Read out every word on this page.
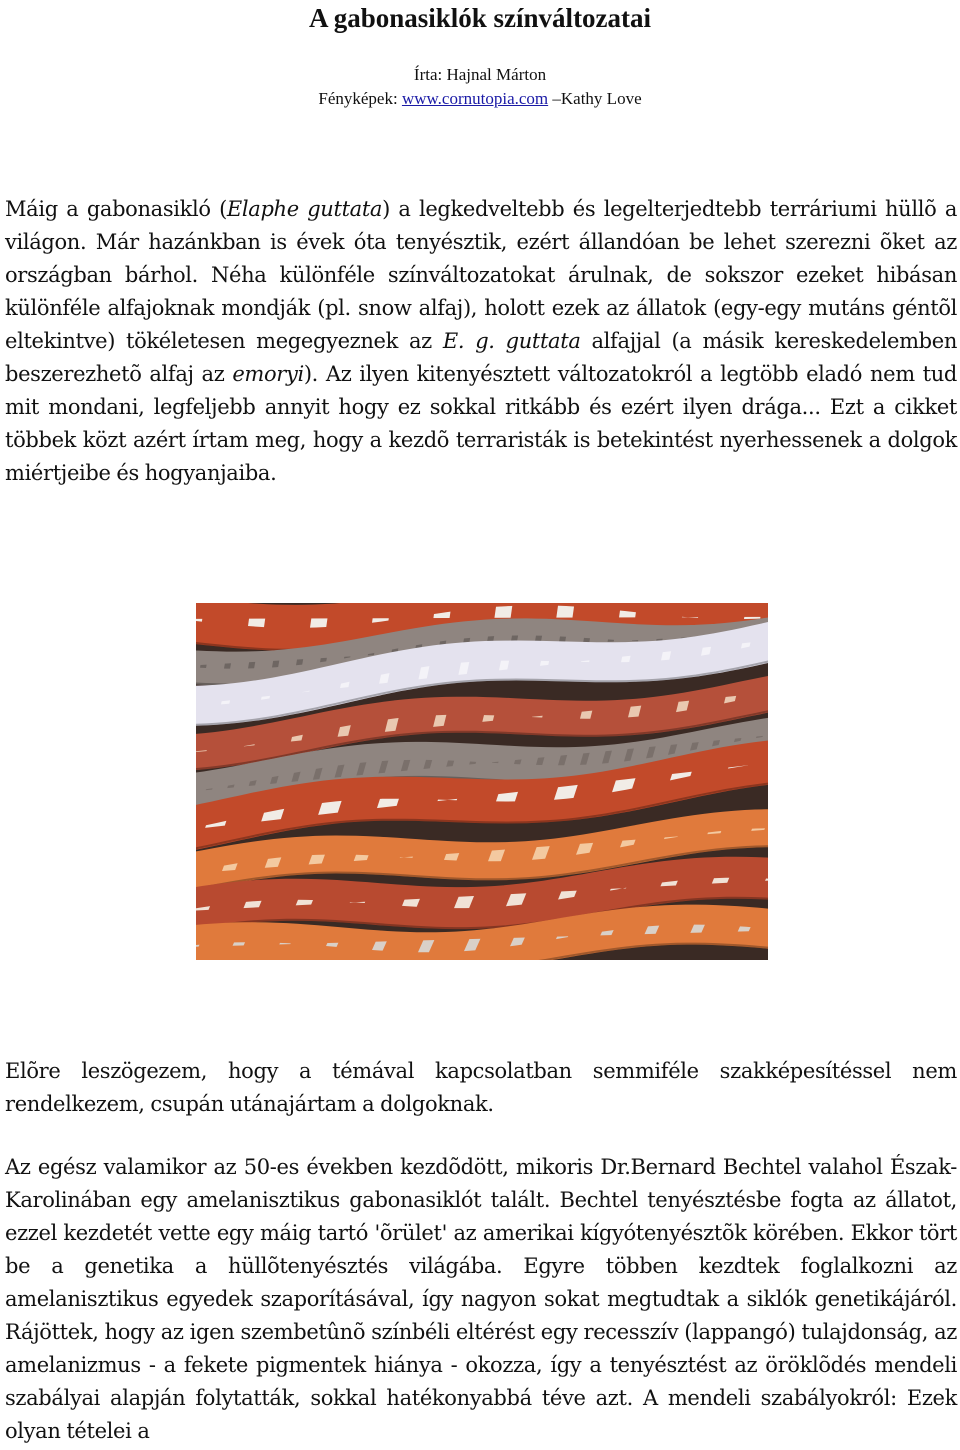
A gabonasiklók színváltozatai
Írta: Hajnal Márton
Fényképek: www.cornutopia.com –Kathy Love

Máig a gabonasikló (Elaphe guttata) a legkedveltebb és legelterjedtebb terráriumi hüllõ a világon. Már hazánkban is évek óta tenyésztik, ezért állandóan be lehet szerezni õket az országban bárhol. Néha különféle színváltozatokat árulnak, de sokszor ezeket hibásan különféle alfajoknak mondják (pl. snow alfaj), holott ezek az állatok (egy-egy mutáns géntõl eltekintve) tökéletesen megegyeznek az E. g. guttata alfajjal (a másik kereskedelemben beszerezhetõ alfaj az emoryi). Az ilyen kitenyésztett változatokról a legtöbb eladó nem tud mit mondani, legfeljebb annyit hogy ez sokkal ritkább és ezért ilyen drága... Ezt a cikket többek közt azért írtam meg, hogy a kezdõ terraristák is betekintést nyerhessenek a dolgok miértjeibe és hogyanjaiba.

Elõre leszögezem, hogy a témával kapcsolatban semmiféle szakképesítéssel nem rendelkezem, csupán utánajártam a dolgoknak.

Az egész valamikor az 50-es években kezdõdött, mikoris Dr.Bernard Bechtel valahol Észak-Karolinában egy amelanisztikus gabonasiklót talált. Bechtel tenyésztésbe fogta az állatot, ezzel kezdetét vette egy máig tartó 'õrület' az amerikai kígyótenyésztõk körében. Ekkor tört be a genetika a hüllõtenyésztés világába. Egyre többen kezdtek foglalkozni az amelanisztikus egyedek szaporításával, így nagyon sokat megtudtak a siklók genetikájáról. Rájöttek, hogy az igen szembetûnõ színbéli eltérést egy recesszív (lappangó) tulajdonság, az amelanizmus - a fekete pigmentek hiánya - okozza, így a tenyésztést az öröklõdés mendeli szabályai alapján folytatták, sokkal hatékonyabbá téve azt. A mendeli szabályokról: Ezek olyan tételei a
